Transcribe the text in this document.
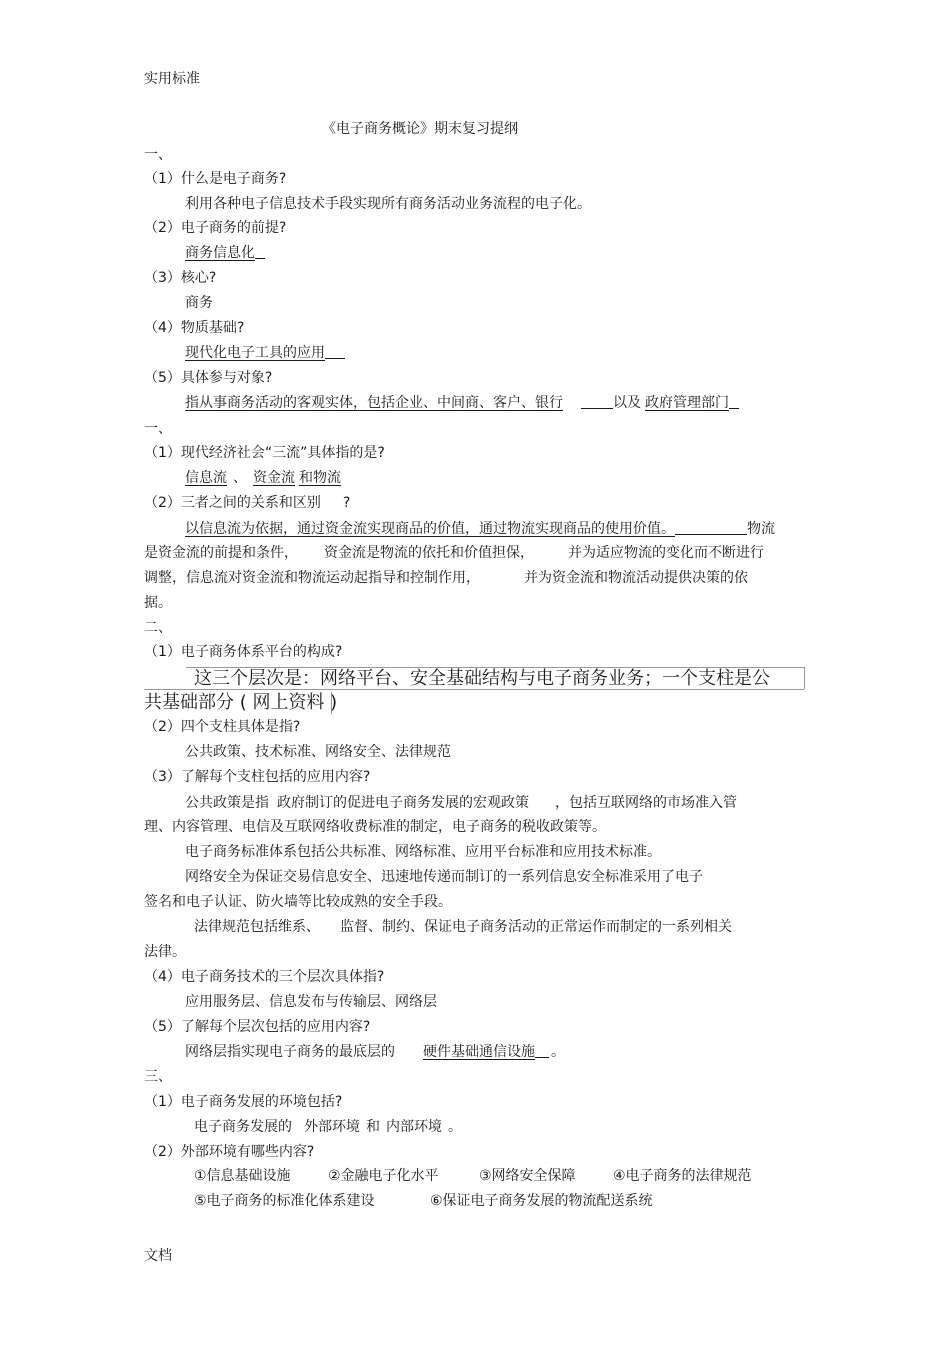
实用标准
《电子商务概论》期末复习提纲
一、
（1）什么是电子商务?
利用各种电子信息技术手段实现所有商务活动业务流程的电子化。
（2）电子商务的前提?
商务信息化
（3）核心?
商务
（4）物质基础?
现代化电子工具的应用
（5）具体参与对象?
指从事商务活动的客观实体，包括企业、中间商、客户、银行	以及 政府管理部门
一、
（1）现代经济社会“三流”具体指的是?
信息流 、 资金流 和物流
（2）三者之间的关系和区别 ?
以信息流为依据，通过资金流实现商品的价值，通过物流实现商品的使用价值。	物流
是资金流的前提和条件， 资金流是物流的依托和价值担保， 并为适应物流的变化而不断进行
调整，信息流对资金流和物流运动起指导和控制作用，	并为资金流和物流活动提供决策的依
据。
二、
（1）电子商务体系平台的构成?
这三个层次是：网络平台、安全基础结构与电子商务业务；一个支柱是公
共基础部分 ( 网上资料 )
（2）四个支柱具体是指?
公共政策、技术标准、网络安全、法律规范
（3）了解每个支柱包括的应用内容?
公共政策是指 政府制订的促进电子商务发展的宏观政策 ，包括互联网络的市场准入管
理、内容管理、电信及互联网络收费标准的制定，电子商务的税收政策等。
电子商务标准体系包括公共标准、网络标准、应用平台标准和应用技术标准。
网络安全为保证交易信息安全、迅速地传递而制订的一系列信息安全标准采用了电子
签名和电子认证、防火墙等比较成熟的安全手段。
法律规范包括维系、 监督、制约、保证电子商务活动的正常运作而制定的一系列相关
法律。
（4）电子商务技术的三个层次具体指?
应用服务层、信息发布与传输层、网络层
（5）了解每个层次包括的应用内容?
网络层指实现电子商务的最底层的 硬件基础通信设施 。
三、
（1）电子商务发展的环境包括?
电子商务发展的 外部环境 和 内部环境 。
（2）外部环境有哪些内容?
①信息基础设施	②金融电子化水平	③网络安全保障	④电子商务的法律规范
⑤电子商务的标准化体系建设	⑥保证电子商务发展的物流配送系统
文档
